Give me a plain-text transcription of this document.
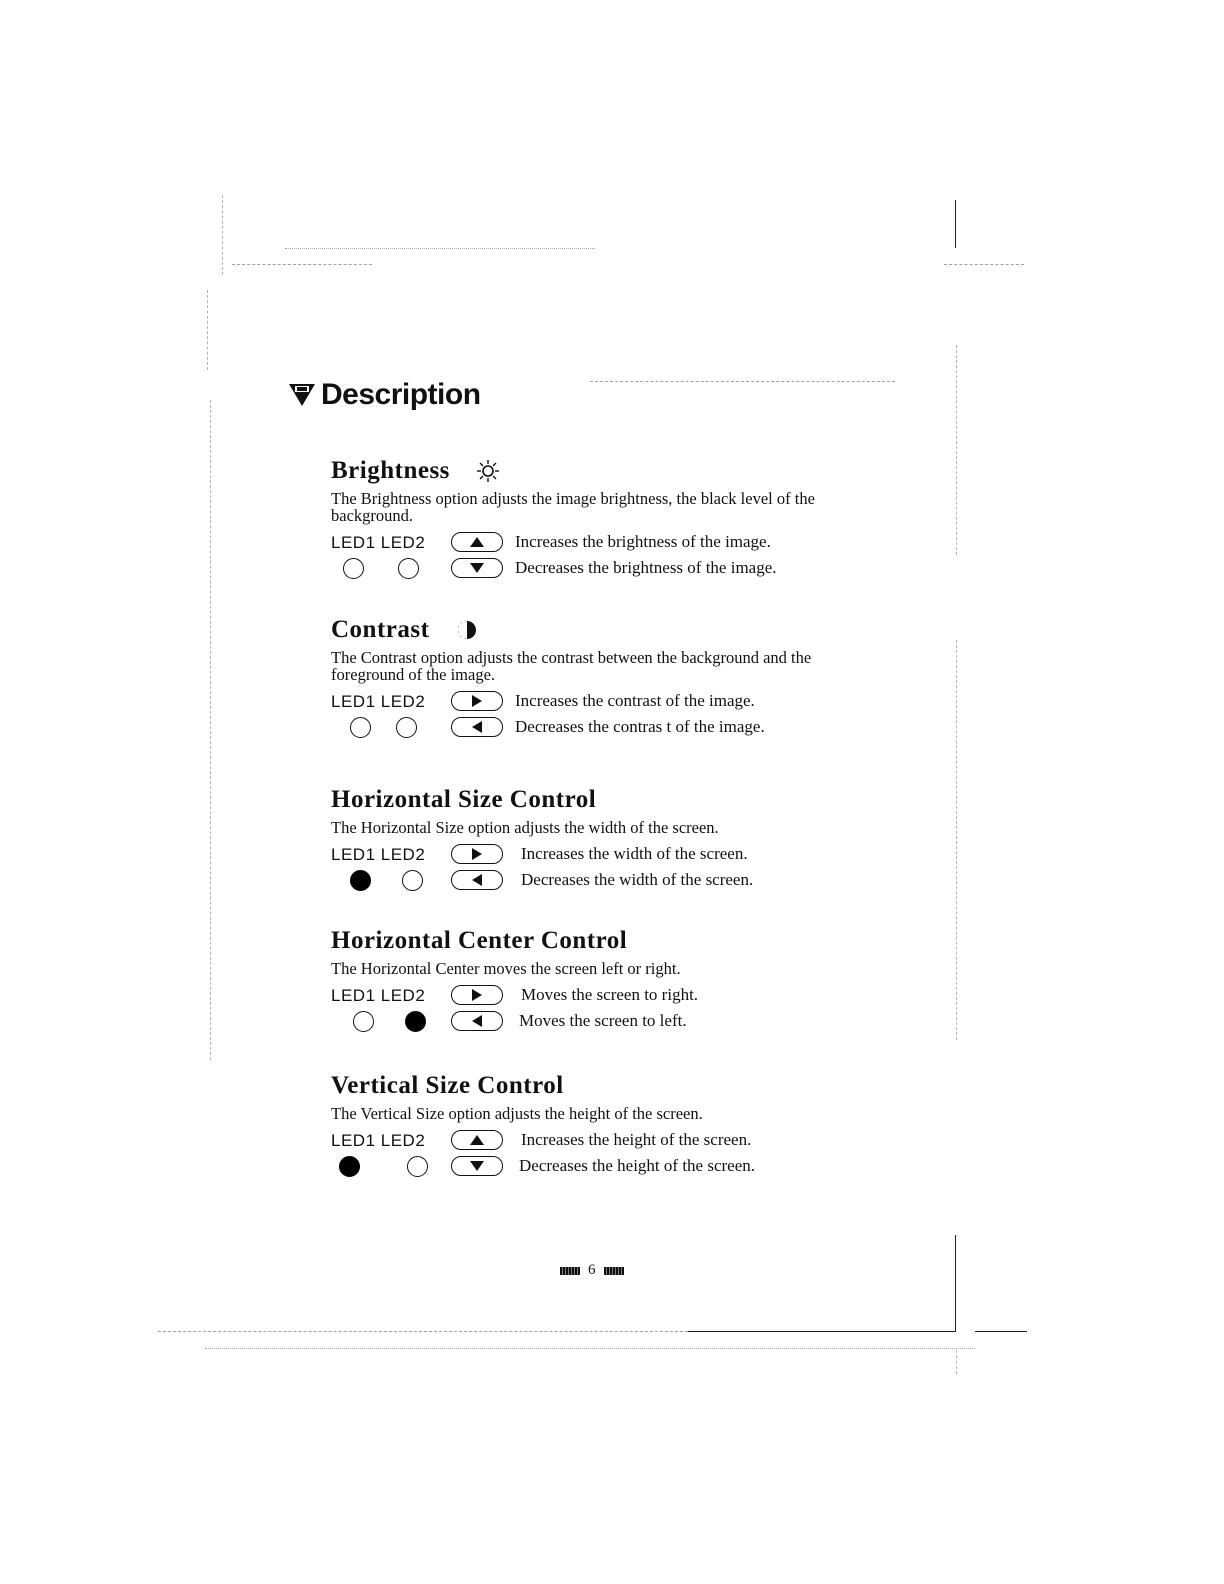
Description
Brightness
The Brightness option adjusts the image brightness, the black level of the background.
LED1 LED2	Increases the brightness of the image.
Decreases the brightness of the image.
Contrast
The Contrast option adjusts the contrast between the background and the foreground of the image.
LED1 LED2	Increases the contrast of the image.
Decreases the contras t of the image.
Horizontal Size Control
The Horizontal Size option adjusts the width of the screen.
LED1 LED2	Increases the width of the screen.
Decreases the width of the screen.
Horizontal Center Control
The Horizontal Center moves the screen left or right.
LED1 LED2	Moves the screen to right.
Moves the screen to left.
Vertical Size Control
The Vertical Size option adjusts the height of the screen.
LED1 LED2	Increases the height of the screen.
Decreases the height of the screen.
6
